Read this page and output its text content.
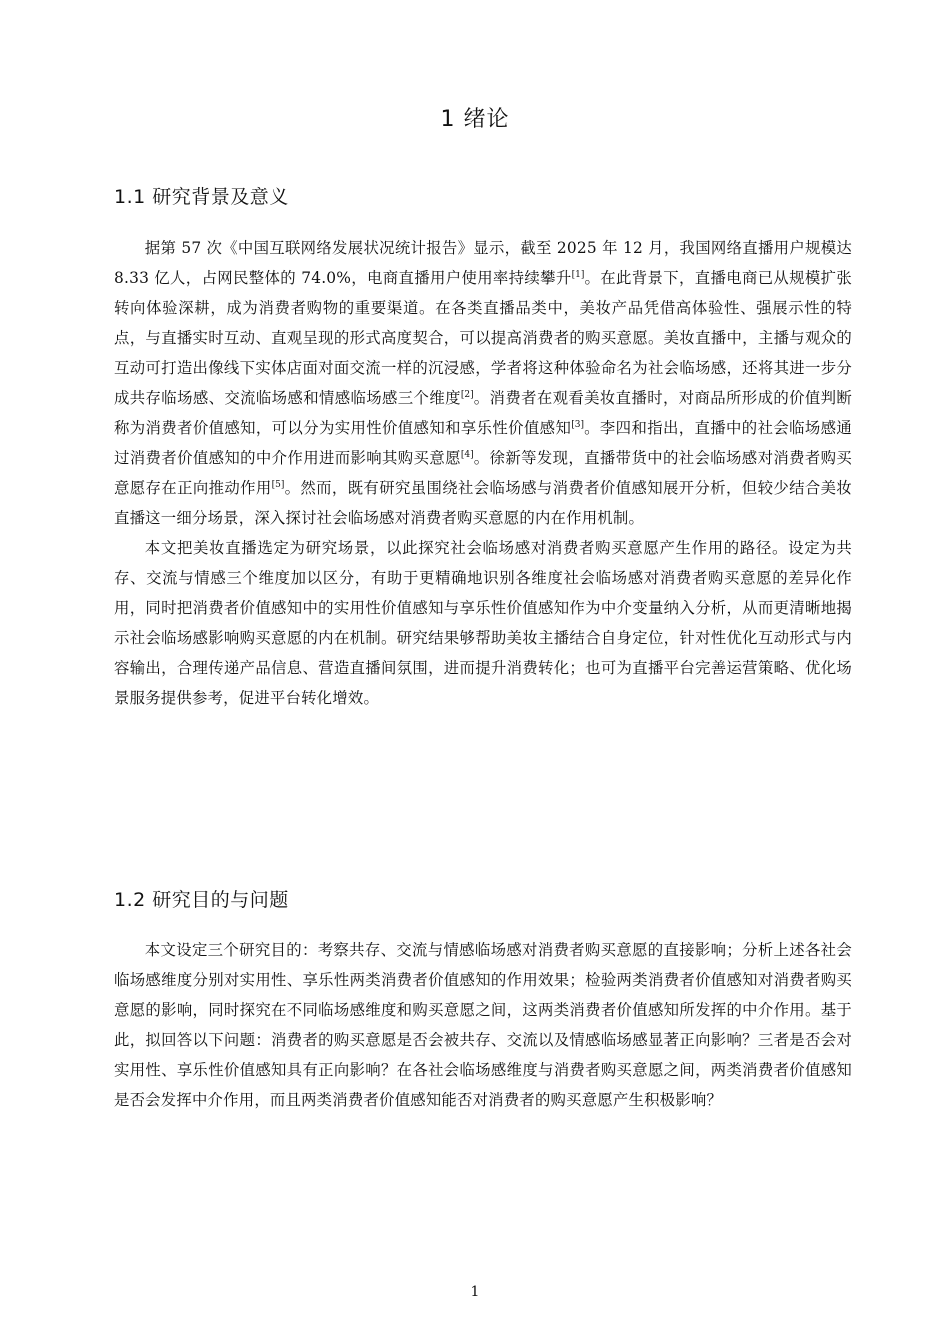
1 绪论
1.1 研究背景及意义

据第 57 次《中国互联网络发展状况统计报告》显示，截至 2025 年 12 月，我国网络直播用户规模达 8.33 亿人，占网民整体的 74.0%，电商直播用户使用率持续攀升[1]。在此背景下，直播电商已从规模扩张转向体验深耕，成为消费者购物的重要渠道。在各类直播品类中，美妆产品凭借高体验性、强展示性的特点，与直播实时互动、直观呈现的形式高度契合，可以提高消费者的购买意愿。美妆直播中，主播与观众的互动可打造出像线下实体店面对面交流一样的沉浸感，学者将这种体验命名为社会临场感，还将其进一步分成共存临场感、交流临场感和情感临场感三个维度[2]。消费者在观看美妆直播时，对商品所形成的价值判断称为消费者价值感知，可以分为实用性价值感知和享乐性价值感知[3]。李四和指出，直播中的社会临场感通过消费者价值感知的中介作用进而影响其购买意愿[4]。徐新等发现，直播带货中的社会临场感对消费者购买意愿存在正向推动作用[5]。然而，既有研究虽围绕社会临场感与消费者价值感知展开分析，但较少结合美妆直播这一细分场景，深入探讨社会临场感对消费者购买意愿的内在作用机制。

本文把美妆直播选定为研究场景，以此探究社会临场感对消费者购买意愿产生作用的路径。设定为共存、交流与情感三个维度加以区分，有助于更精确地识别各维度社会临场感对消费者购买意愿的差异化作用，同时把消费者价值感知中的实用性价值感知与享乐性价值感知作为中介变量纳入分析，从而更清晰地揭示社会临场感影响购买意愿的内在机制。研究结果够帮助美妆主播结合自身定位，针对性优化互动形式与内容输出，合理传递产品信息、营造直播间氛围，进而提升消费转化；也可为直播平台完善运营策略、优化场景服务提供参考，促进平台转化增效。

1.2 研究目的与问题

本文设定三个研究目的：考察共存、交流与情感临场感对消费者购买意愿的直接影响；分析上述各社会临场感维度分别对实用性、享乐性两类消费者价值感知的作用效果；检验两类消费者价值感知对消费者购买意愿的影响，同时探究在不同临场感维度和购买意愿之间，这两类消费者价值感知所发挥的中介作用。基于此，拟回答以下问题：消费者的购买意愿是否会被共存、交流以及情感临场感显著正向影响？三者是否会对实用性、享乐性价值感知具有正向影响？在各社会临场感维度与消费者购买意愿之间，两类消费者价值感知是否会发挥中介作用，而且两类消费者价值感知能否对消费者的购买意愿产生积极影响？

1
